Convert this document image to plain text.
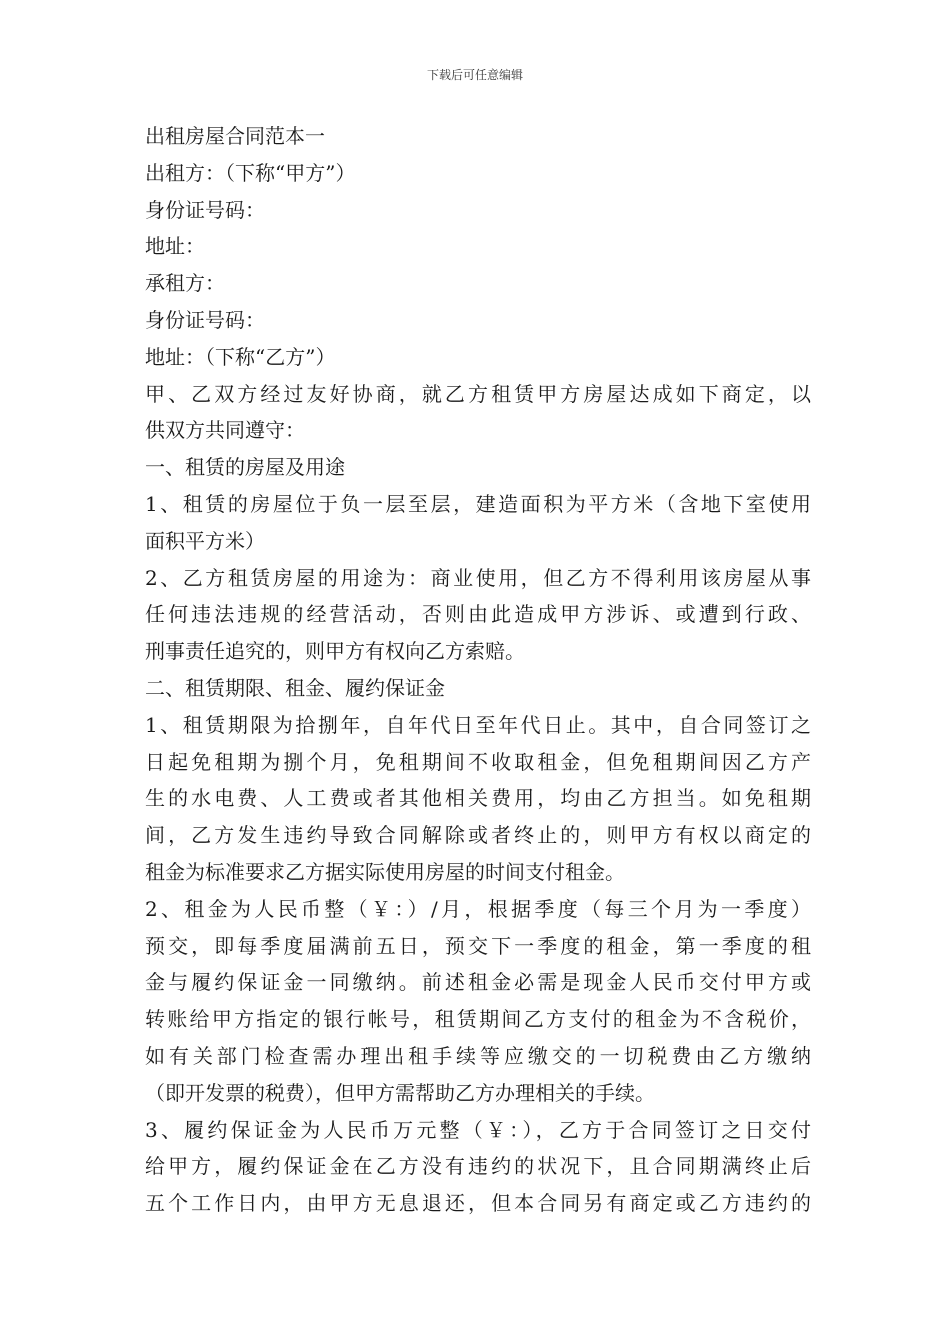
下载后可任意编辑
出租房屋合同范本一
出租方：（下称“甲方”）
身份证号码：
地址：
承租方：
身份证号码：
地址：（下称“乙方”）
甲、乙双方经过友好协商，就乙方租赁甲方房屋达成如下商定，以
供双方共同遵守：
一、租赁的房屋及用途
1、租赁的房屋位于负一层至层，建造面积为平方米（含地下室使用
面积平方米）
2、乙方租赁房屋的用途为：商业使用，但乙方不得利用该房屋从事
任何违法违规的经营活动，否则由此造成甲方涉诉、或遭到行政、
刑事责任追究的，则甲方有权向乙方索赔。
二、租赁期限、租金、履约保证金
1、租赁期限为拾捌年，自年代日至年代日止。其中，自合同签订之
日起免租期为捌个月，免租期间不收取租金，但免租期间因乙方产
生的水电费、人工费或者其他相关费用，均由乙方担当。如免租期
间，乙方发生违约导致合同解除或者终止的，则甲方有权以商定的
租金为标准要求乙方据实际使用房屋的时间支付租金。
2、租金为人民币整（￥：）/月，根据季度（每三个月为一季度）
预交，即每季度届满前五日，预交下一季度的租金，第一季度的租
金与履约保证金一同缴纳。前述租金必需是现金人民币交付甲方或
转账给甲方指定的银行帐号，租赁期间乙方支付的租金为不含税价，
如有关部门检查需办理出租手续等应缴交的一切税费由乙方缴纳
（即开发票的税费），但甲方需帮助乙方办理相关的手续。
3、履约保证金为人民币万元整（￥：），乙方于合同签订之日交付
给甲方，履约保证金在乙方没有违约的状况下，且合同期满终止后
五个工作日内，由甲方无息退还，但本合同另有商定或乙方违约的
